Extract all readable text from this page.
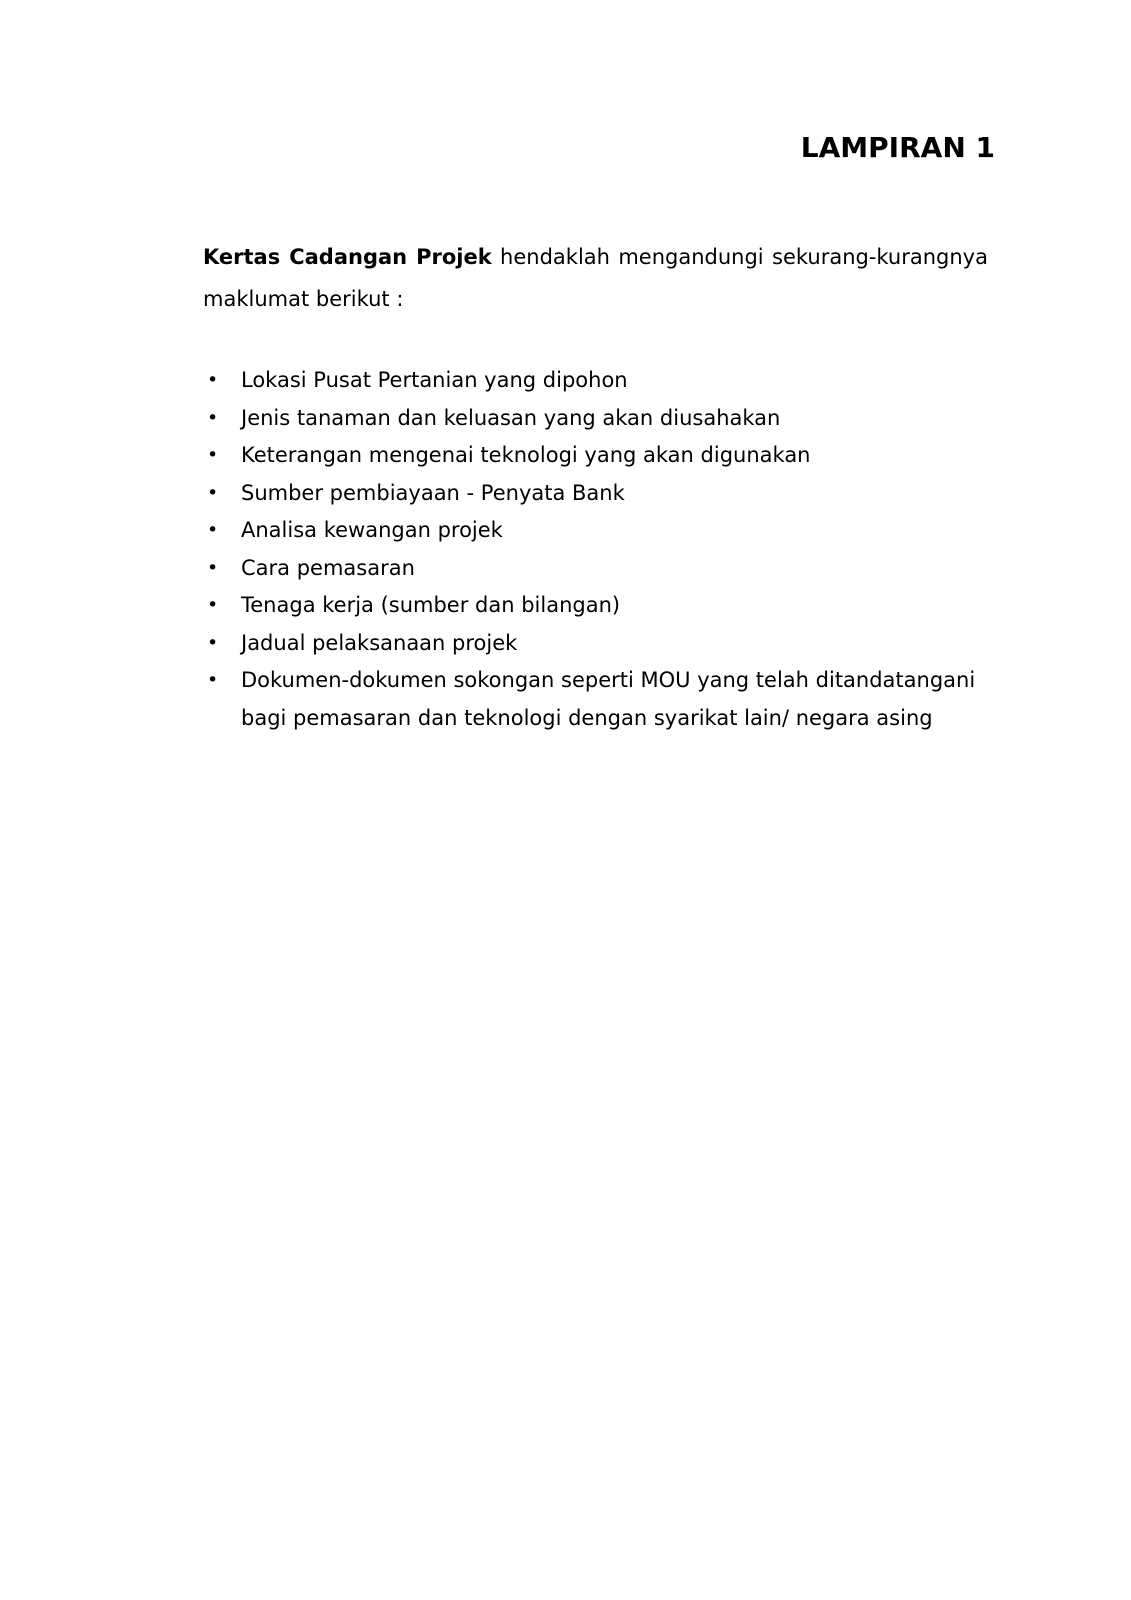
LAMPIRAN 1
Kertas Cadangan Projek hendaklah mengandungi sekurang-kurangnya
maklumat berikut :
• Lokasi Pusat Pertanian yang dipohon
• Jenis tanaman dan keluasan yang akan diusahakan
• Keterangan mengenai teknologi yang akan digunakan
• Sumber pembiayaan - Penyata Bank
• Analisa kewangan projek
• Cara pemasaran
• Tenaga kerja (sumber dan bilangan)
• Jadual pelaksanaan projek
• Dokumen-dokumen sokongan seperti MOU yang telah ditandatangani bagi pemasaran dan teknologi dengan syarikat lain/ negara asing
